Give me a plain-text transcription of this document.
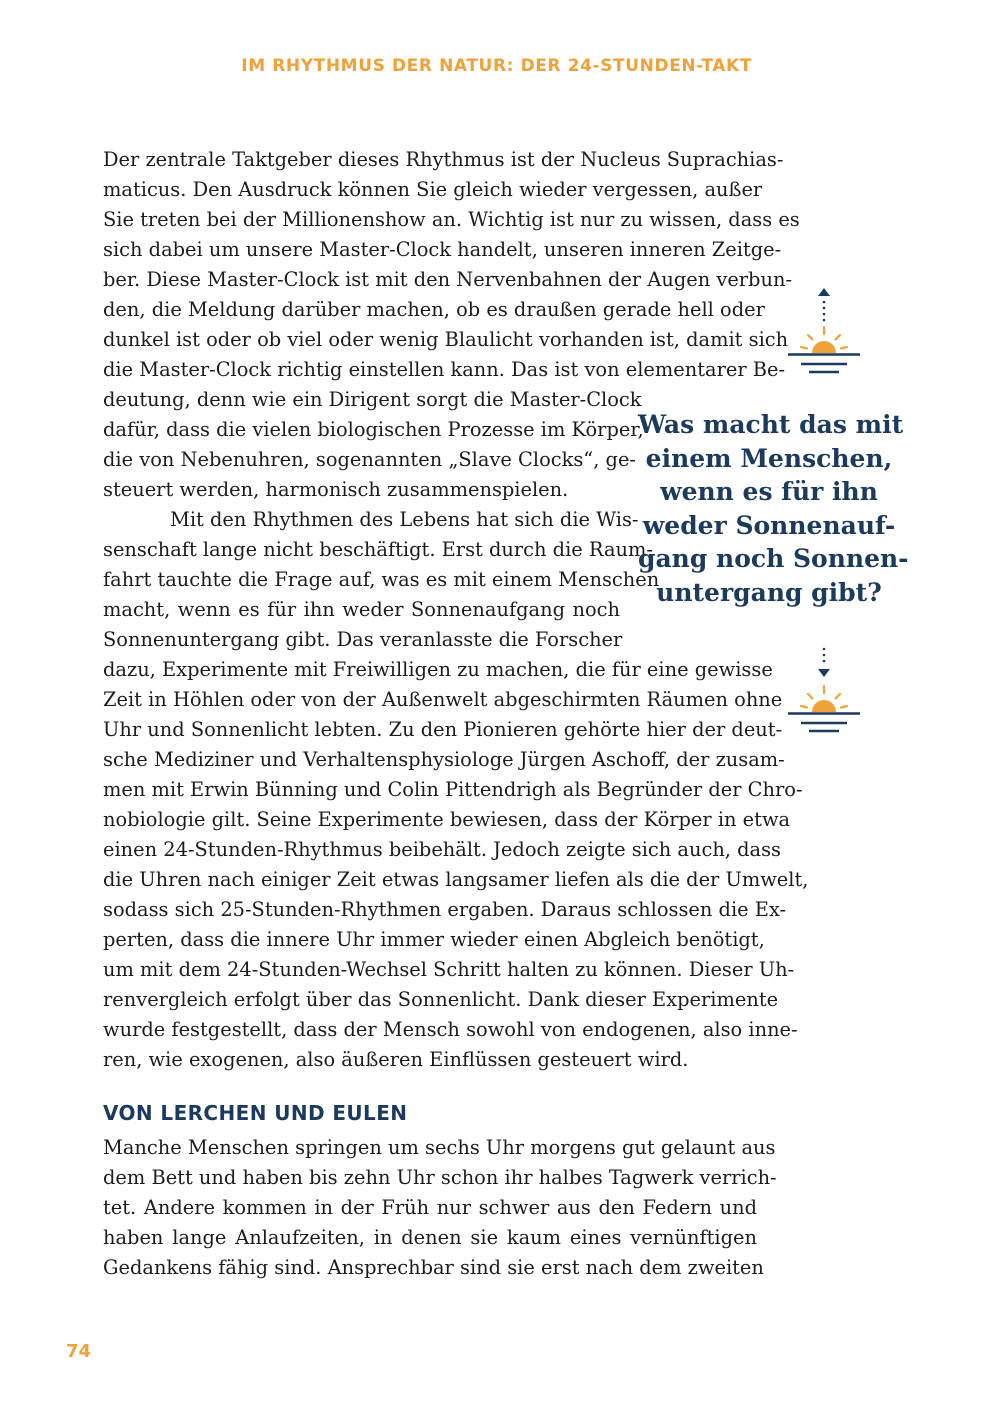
IM RHYTHMUS DER NATUR: DER 24-STUNDEN-TAKT
Der zentrale Taktgeber dieses Rhythmus ist der Nucleus Suprachias-
maticus. Den Ausdruck können Sie gleich wieder vergessen, außer
Sie treten bei der Millionenshow an. Wichtig ist nur zu wissen, dass es
sich dabei um unsere Master-Clock handelt, unseren inneren Zeitge-
ber. Diese Master-Clock ist mit den Nervenbahnen der Augen verbun-
den, die Meldung darüber machen, ob es draußen gerade hell oder
dunkel ist oder ob viel oder wenig Blaulicht vorhanden ist, damit sich
die Master-Clock richtig einstellen kann. Das ist von elementarer Be-
deutung, denn wie ein Dirigent sorgt die Master-Clock
dafür, dass die vielen biologischen Prozesse im Körper,
die von Nebenuhren, sogenannten „Slave Clocks“, ge-
steuert werden, harmonisch zusammenspielen.
Mit den Rhythmen des Lebens hat sich die Wis-
senschaft lange nicht beschäftigt. Erst durch die Raum-
fahrt tauchte die Frage auf, was es mit einem Menschen
macht, wenn es für ihn weder Sonnenaufgang noch
Sonnenuntergang gibt. Das veranlasste die Forscher
dazu, Experimente mit Freiwilligen zu machen, die für eine gewisse
Zeit in Höhlen oder von der Außenwelt abgeschirmten Räumen ohne
Uhr und Sonnenlicht lebten. Zu den Pionieren gehörte hier der deut-
sche Mediziner und Verhaltensphysiologe Jürgen Aschoff, der zusam-
men mit Erwin Bünning und Colin Pittendrigh als Begründer der Chro-
nobiologie gilt. Seine Experimente bewiesen, dass der Körper in etwa
einen 24-Stunden-Rhythmus beibehält. Jedoch zeigte sich auch, dass
die Uhren nach einiger Zeit etwas langsamer liefen als die der Umwelt,
sodass sich 25-Stunden-Rhythmen ergaben. Daraus schlossen die Ex-
perten, dass die innere Uhr immer wieder einen Abgleich benötigt,
um mit dem 24-Stunden-Wechsel Schritt halten zu können. Dieser Uh-
renvergleich erfolgt über das Sonnenlicht. Dank dieser Experimente
wurde festgestellt, dass der Mensch sowohl von endogenen, also inne-
ren, wie exogenen, also äußeren Einflüssen gesteuert wird.
Was macht das mit
einem Menschen,
wenn es für ihn
weder Sonnenauf-
gang noch Sonnen-
untergang gibt?
VON LERCHEN UND EULEN
Manche Menschen springen um sechs Uhr morgens gut gelaunt aus
dem Bett und haben bis zehn Uhr schon ihr halbes Tagwerk verrich-
tet. Andere kommen in der Früh nur schwer aus den Federn und
haben lange Anlaufzeiten, in denen sie kaum eines vernünftigen
Gedankens fähig sind. Ansprechbar sind sie erst nach dem zweiten
74
